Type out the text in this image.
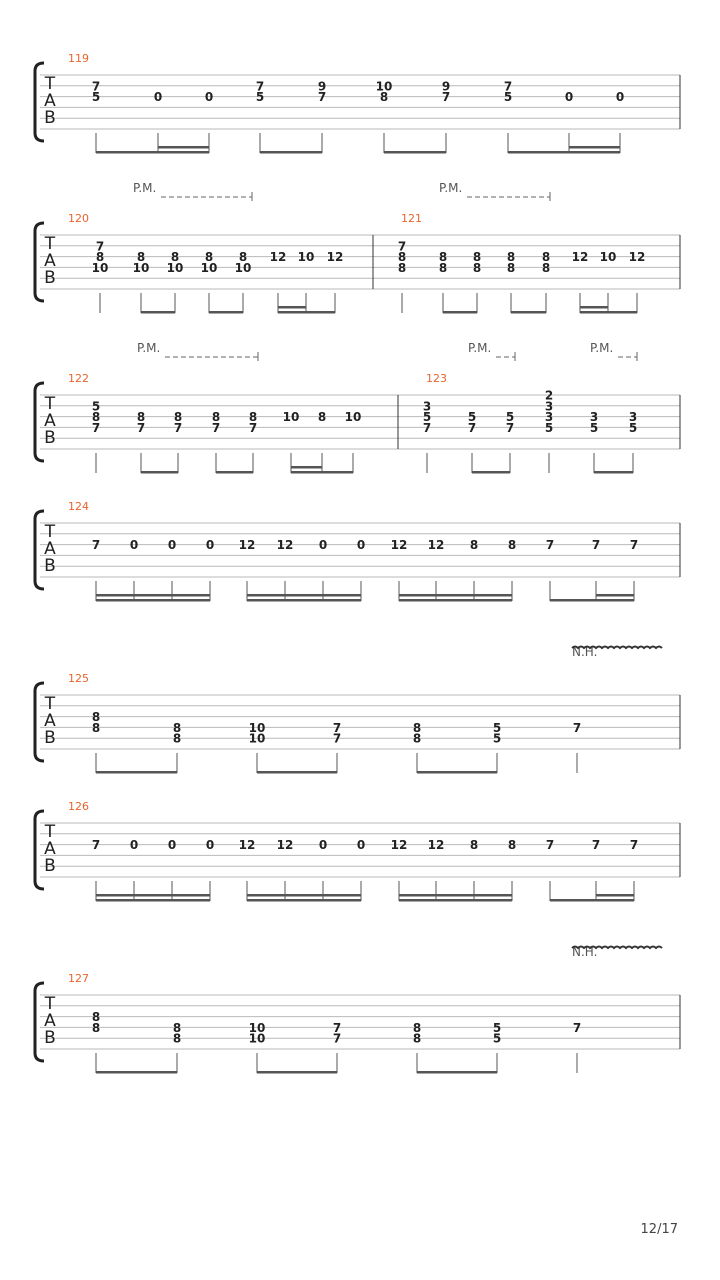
T
A
B
119
7
5	0	0
7
5
9
7
10
8
9
7
7
5	0	0
T
A
B
P.M.	P.M.
120
7
8
10
8
10
8
10
8
10
8
10
12 10 12
121
7
8
8
8
8
8
8
8
8
8
8
12 10 12
T
A
B
P.M.	P.M.	P.M.
122
5
8
7
8
7
8
7
8
7
8
7
10 8 10
123
3
5
7
5
7
5
7
2
3
3
5
3
5
3
5
T
A
B
124
7 0 0 0 12 12 0 0 12 12 8 8 7	7 7
T
A
B
N.H.
125
8
8	8
8
10
10
7
7
8
8
5
5
7
T
A
B
126
7 0 0 0 12 12 0 0 12 12 8 8 7	7 7
T
A
B
N.H.
127
8
8	8
8
10
10
7
7
8
8
5
5
7
12/17
